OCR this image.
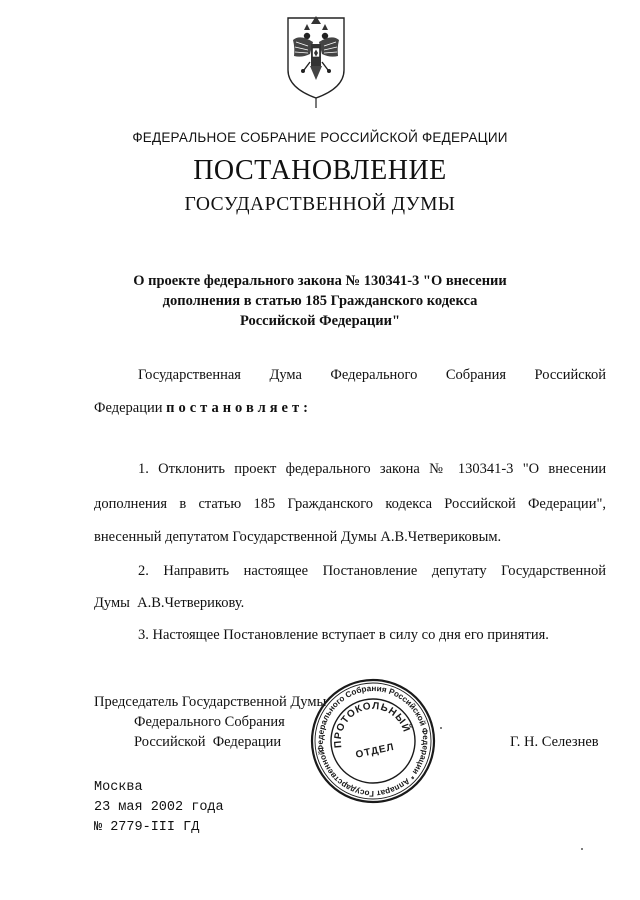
ФЕДЕРАЛЬНОЕ СОБРАНИЕ РОССИЙСКОЙ ФЕДЕРАЦИИ
ПОСТАНОВЛЕНИЕ
ГОСУДАРСТВЕННОЙ ДУМЫ
О проекте федерального закона № 130341-3 "О внесении
дополнения в статью 185 Гражданского кодекса
Российской Федерации"
Государственная Дума Федерального Собрания Российской
Федерации постановляет:
1. Отклонить проект федерального закона № 130341-3 "О внесении
дополнения в статью 185 Гражданского кодекса Российской Федерации",
внесенный депутатом Государственной Думы А.В.Четвериковым.
2. Направить настоящее Постановление депутату Государственной
Думы  А.В.Четверикову.
3. Настоящее Постановление вступает в силу со дня его принятия.
Председатель Государственной Думы
Федерального Собрания
Российской  Федерации	Г. Н. Селезнев
Федерального Собрания Российской Федерации * Аппарат Государственной
ПРОТОКОЛЬНЫЙ
ОТДЕЛ
Москва
23 мая 2002 года
№ 2779-III ГД
